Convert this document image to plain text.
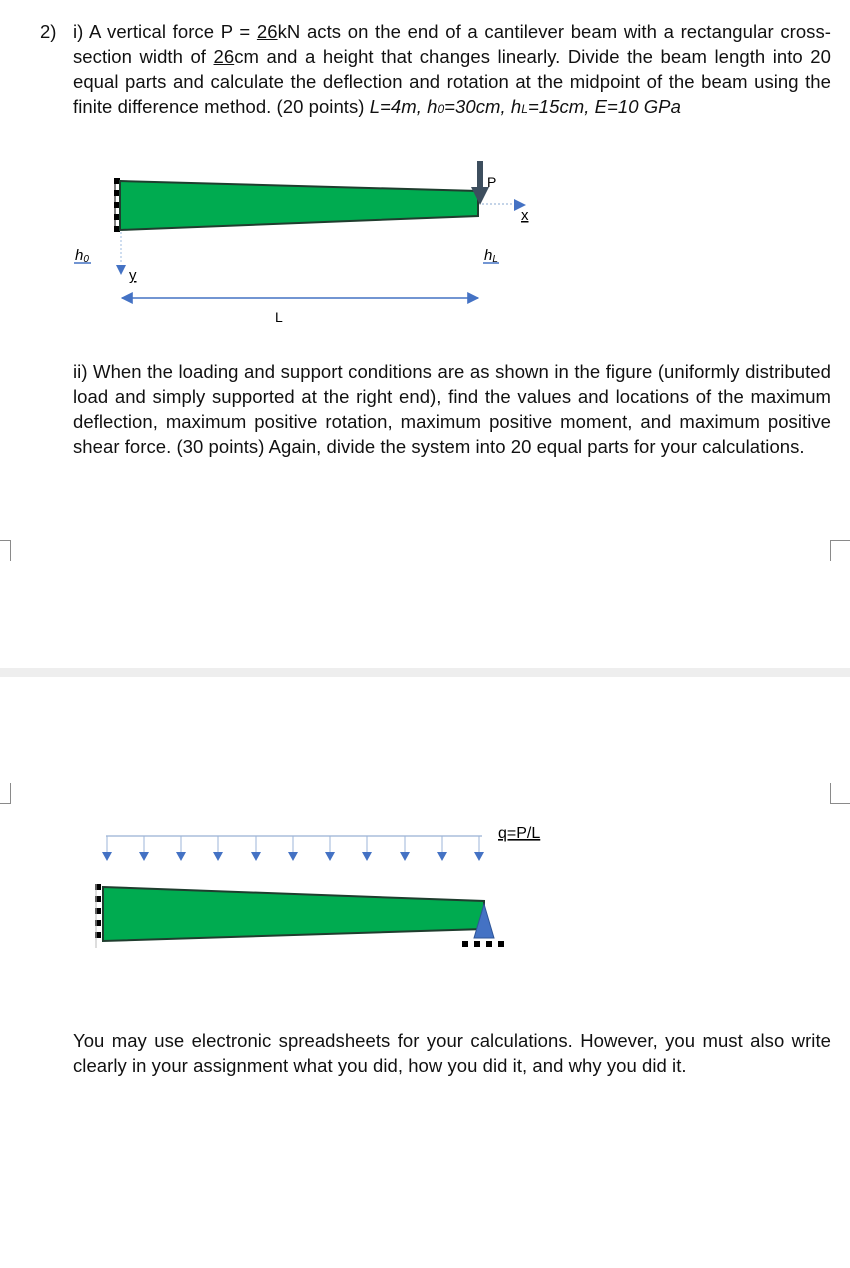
2) i) A vertical force P = 26kN acts on the end of a cantilever beam with a rectangular cross-section width of 26cm and a height that changes linearly. Divide the beam length into 20 equal parts and calculate the deflection and rotation at the midpoint of the beam using the finite difference method. (20 points) L=4m, h0=30cm, hL=15cm, E=10 GPa
y
P
x
h0	hL
L
ii) When the loading and support conditions are as shown in the figure (uniformly distributed load and simply supported at the right end), find the values and locations of the maximum deflection, maximum positive rotation, maximum positive moment, and maximum positive shear force. (30 points) Again, divide the system into 20 equal parts for your calculations.
q=P/L
You may use electronic spreadsheets for your calculations. However, you must also write clearly in your assignment what you did, how you did it, and why you did it.
